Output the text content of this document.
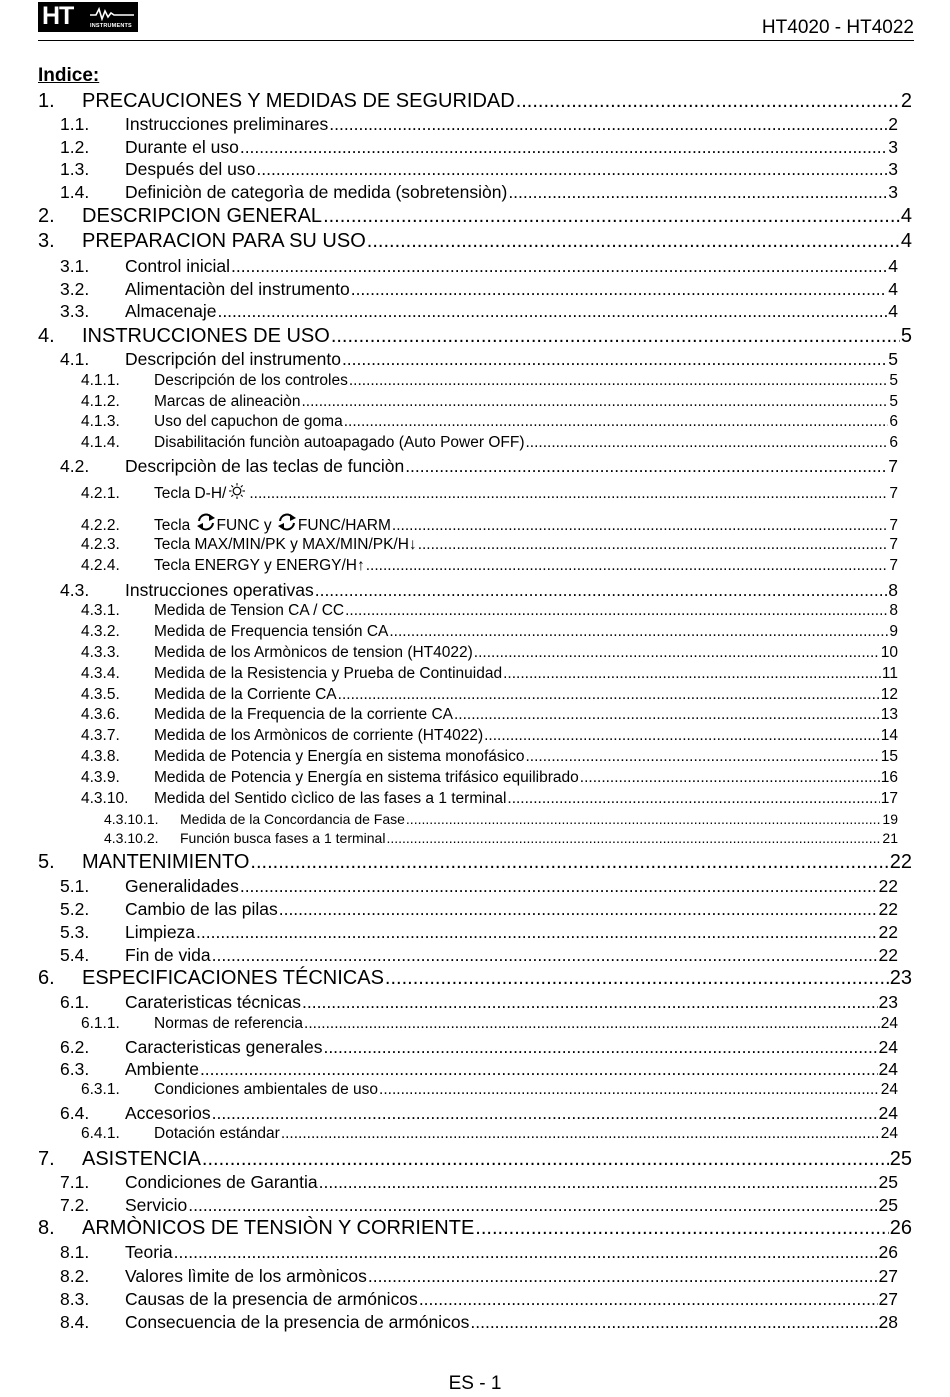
HT	INSTRUMENTS	HT4020 - HT4022
Indice:
1.	PRECAUCIONES Y MEDIDAS DE SEGURIDAD .....	2
1.1.	Instrucciones preliminares .....	2
1.2.	Durante el uso .....	3
1.3.	Después del uso .....	3
1.4.	Definiciòn de categorìa de medida (sobretensiòn) .....	3
2.	DESCRIPCION GENERAL .....	4
3.	PREPARACION PARA SU USO .....	4
3.1.	Control inicial .....	4
3.2.	Alimentaciòn del instrumento .....	4
3.3.	Almacenaje .....	4
4.	INSTRUCCIONES DE USO .....	5
4.1.	Descripción del instrumento .....	5
4.1.1.	Descripción de los controles .....	5
4.1.2.	Marcas de alineaciòn .....	5
4.1.3.	Uso del capuchon de goma .....	6
4.1.4.	Disabilitación funciòn autoapagado (Auto Power OFF) .....	6
4.2.	Descripciòn de las teclas de funciòn .....	7
4.2.1.	Tecla D-H/ .....	7
4.2.2.	Tecla FUNC y FUNC/HARM .....	7
4.2.3.	Tecla MAX/MIN/PK y MAX/MIN/PK/H↓ .....	7
4.2.4.	Tecla ENERGY y ENERGY/H↑ .....	7
4.3.	Instrucciones operativas .....	8
4.3.1.	Medida de Tension CA / CC .....	8
4.3.2.	Medida de Frequencia tensión CA .....	9
4.3.3.	Medida de los Armònicos de tension (HT4022) .....	10
4.3.4.	Medida de la Resistencia y Prueba de Continuidad .....	11
4.3.5.	Medida de la Corriente CA .....	12
4.3.6.	Medida de la Frequencia de la corriente CA .....	13
4.3.7.	Medida de los Armònicos de corriente (HT4022) .....	14
4.3.8.	Medida de Potencia y Energía en sistema monofásico .....	15
4.3.9.	Medida de Potencia y Energía en sistema trifásico equilibrado .....	16
4.3.10.	Medida del Sentido cìclico de las fases a 1 terminal .....	17
4.3.10.1.	Medida de la Concordancia de Fase .....	19
4.3.10.2.	Función busca fases a 1 terminal .....	21
5.	MANTENIMIENTO .....	22
5.1.	Generalidades .....	22
5.2.	Cambio de las pilas .....	22
5.3.	Limpieza .....	22
5.4.	Fin de vida .....	22
6.	ESPECIFICACIONES TÉCNICAS .....	23
6.1.	Carateristicas técnicas .....	23
6.1.1.	Normas de referencia .....	24
6.2.	Caracteristicas generales .....	24
6.3.	Ambiente .....	24
6.3.1.	Condiciones ambientales de uso .....	24
6.4.	Accesorios .....	24
6.4.1.	Dotación estándar .....	24
7.	ASISTENCIA .....	25
7.1.	Condiciones de Garantia .....	25
7.2.	Servicio .....	25
8.	ARMÒNICOS DE TENSIÒN Y CORRIENTE .....	26
8.1.	Teoria .....	26
8.2.	Valores lìmite de los armònicos .....	27
8.3.	Causas de la presencia de armónicos .....	27
8.4.	Consecuencia de la presencia de armónicos .....	28
ES - 1
